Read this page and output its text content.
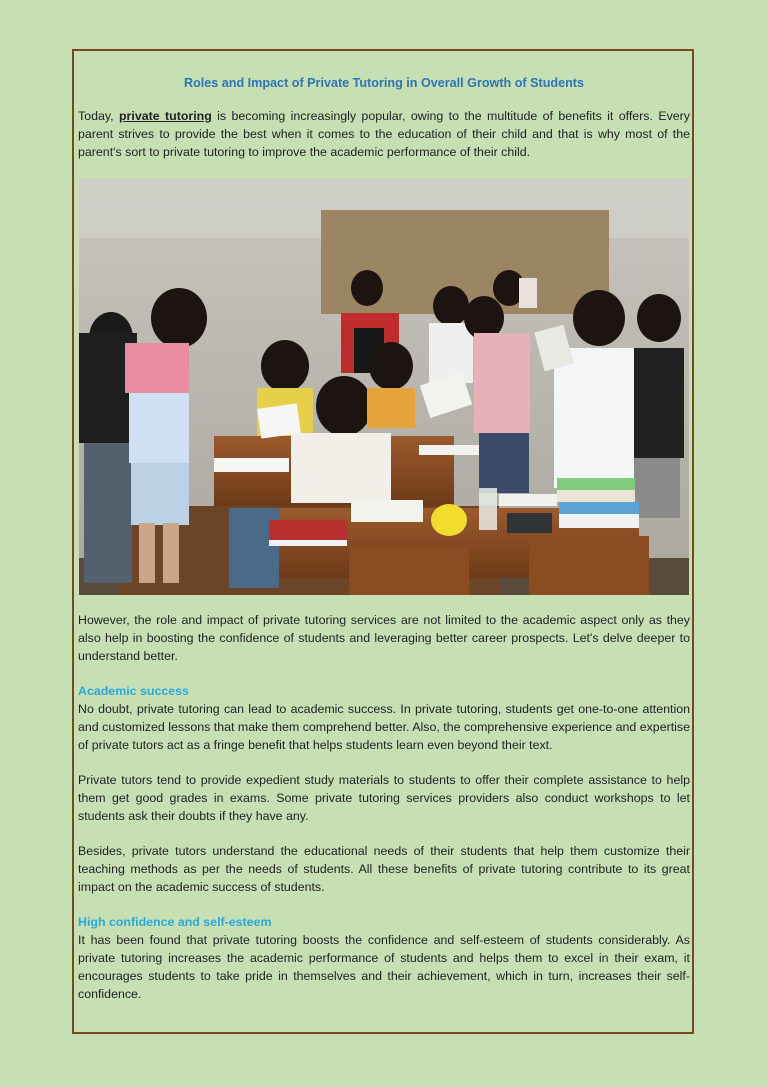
Roles and Impact of Private Tutoring in Overall Growth of Students

Today, private tutoring is becoming increasingly popular, owing to the multitude of benefits it offers. Every parent strives to provide the best when it comes to the education of their child and that is why most of the parent's sort to private tutoring to improve the academic performance of their child.

However, the role and impact of private tutoring services are not limited to the academic aspect only as they also help in boosting the confidence of students and leveraging better career prospects. Let's delve deeper to understand better.

Academic success

No doubt, private tutoring can lead to academic success. In private tutoring, students get one-to-one attention and customized lessons that make them comprehend better. Also, the comprehensive experience and expertise of private tutors act as a fringe benefit that helps students learn even beyond their text.

Private tutors tend to provide expedient study materials to students to offer their complete assistance to help them get good grades in exams. Some private tutoring services providers also conduct workshops to let students ask their doubts if they have any.

Besides, private tutors understand the educational needs of their students that help them customize their teaching methods as per the needs of students. All these benefits of private tutoring contribute to its great impact on the academic success of students.

High confidence and self-esteem

It has been found that private tutoring boosts the confidence and self-esteem of students considerably. As private tutoring increases the academic performance of students and helps them to excel in their exam, it encourages students to take pride in themselves and their achievement, which in turn, increases their self-confidence.
